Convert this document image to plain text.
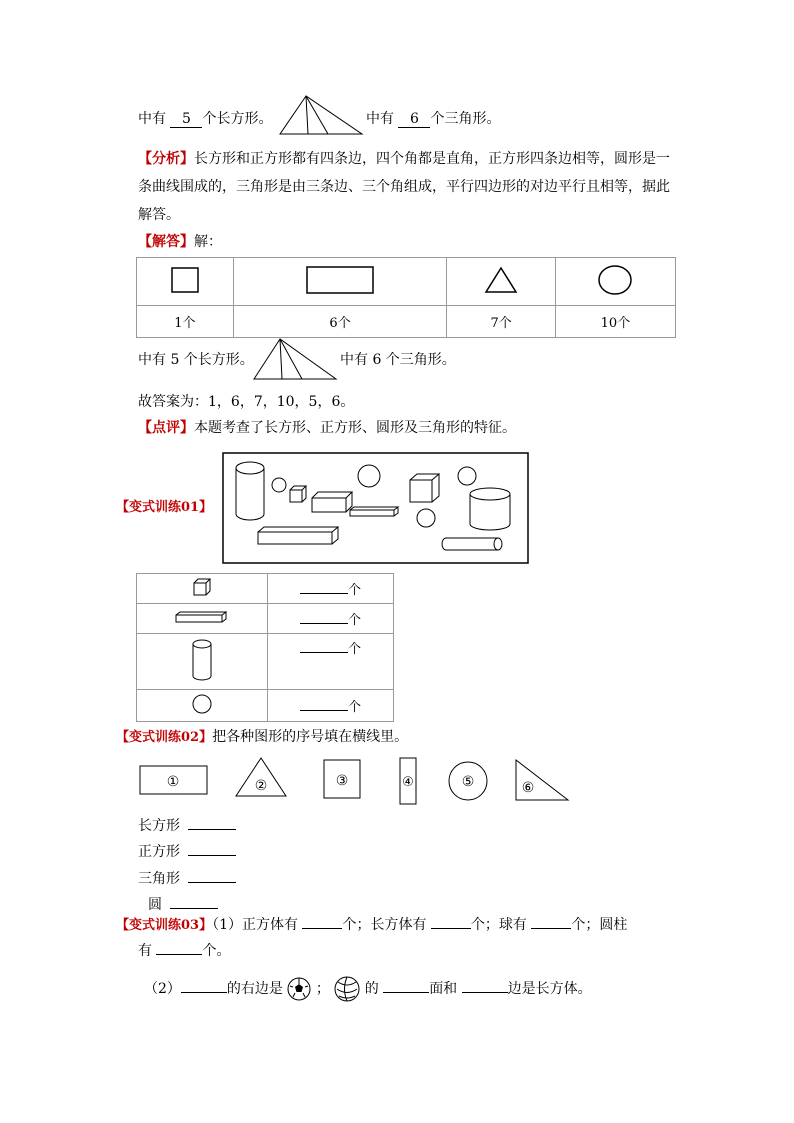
中有 5 个长方形。	中有 6 个三角形。
【分析】长方形和正方形都有四条边，四个角都是直角，正方形四条边相等，圆形是一
条曲线围成的，三角形是由三条边、三个角组成，平行四边形的对边平行且相等，据此
解答。
【解答】解：

1个	6个	7个	10个
中有 5 个长方形。	中有 6 个三角形。
故答案为：1，6，7，10，5，6。
【点评】本题考查了长方形、正方形、圆形及三角形的特征。
【变式训练01】
	个
	个
	个
	个
【变式训练02】把各种图形的序号填在横线里。
①	②	③	④	⑤	⑥
长方形
正方形
三角形
圆
【变式训练03】（1）正方体有	个；长方体有	个；球有	个；圆柱
有	个。
（2）	的右边是 ； 的	面和	边是长方体。
